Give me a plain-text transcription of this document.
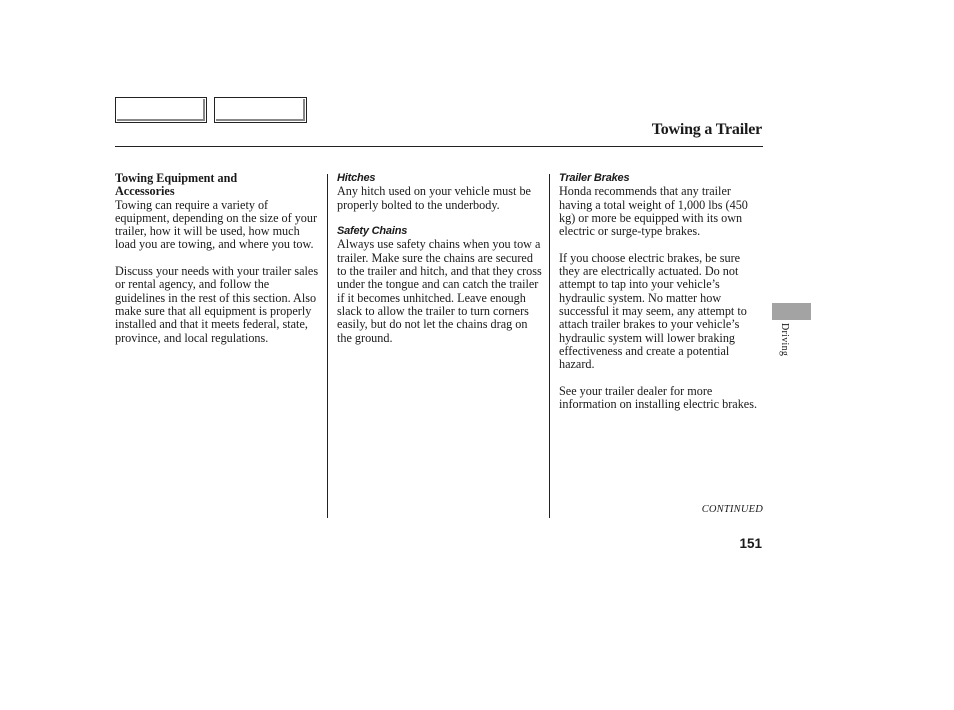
Towing a Trailer

Towing Equipment and
Accessories

Towing can require a variety of equipment, depending on the size of your trailer, how it will be used, how much load you are towing, and where you tow.

Discuss your needs with your trailer sales or rental agency, and follow the guidelines in the rest of this section. Also make sure that all equipment is properly installed and that it meets federal, state, province, and local regulations.

Hitches

Any hitch used on your vehicle must be properly bolted to the underbody.

Safety Chains

Always use safety chains when you tow a trailer. Make sure the chains are secured to the trailer and hitch, and that they cross under the tongue and can catch the trailer if it becomes unhitched. Leave enough slack to allow the trailer to turn corners easily, but do not let the chains drag on the ground.

Trailer Brakes

Honda recommends that any trailer having a total weight of 1,000 lbs (450 kg) or more be equipped with its own electric or surge-type brakes.

If you choose electric brakes, be sure they are electrically actuated. Do not attempt to tap into your vehicle’s hydraulic system. No matter how successful it may seem, any attempt to attach trailer brakes to your vehicle’s hydraulic system will lower braking effectiveness and create a potential hazard.

See your trailer dealer for more information on installing electric brakes.

Driving
CONTINUED
151
